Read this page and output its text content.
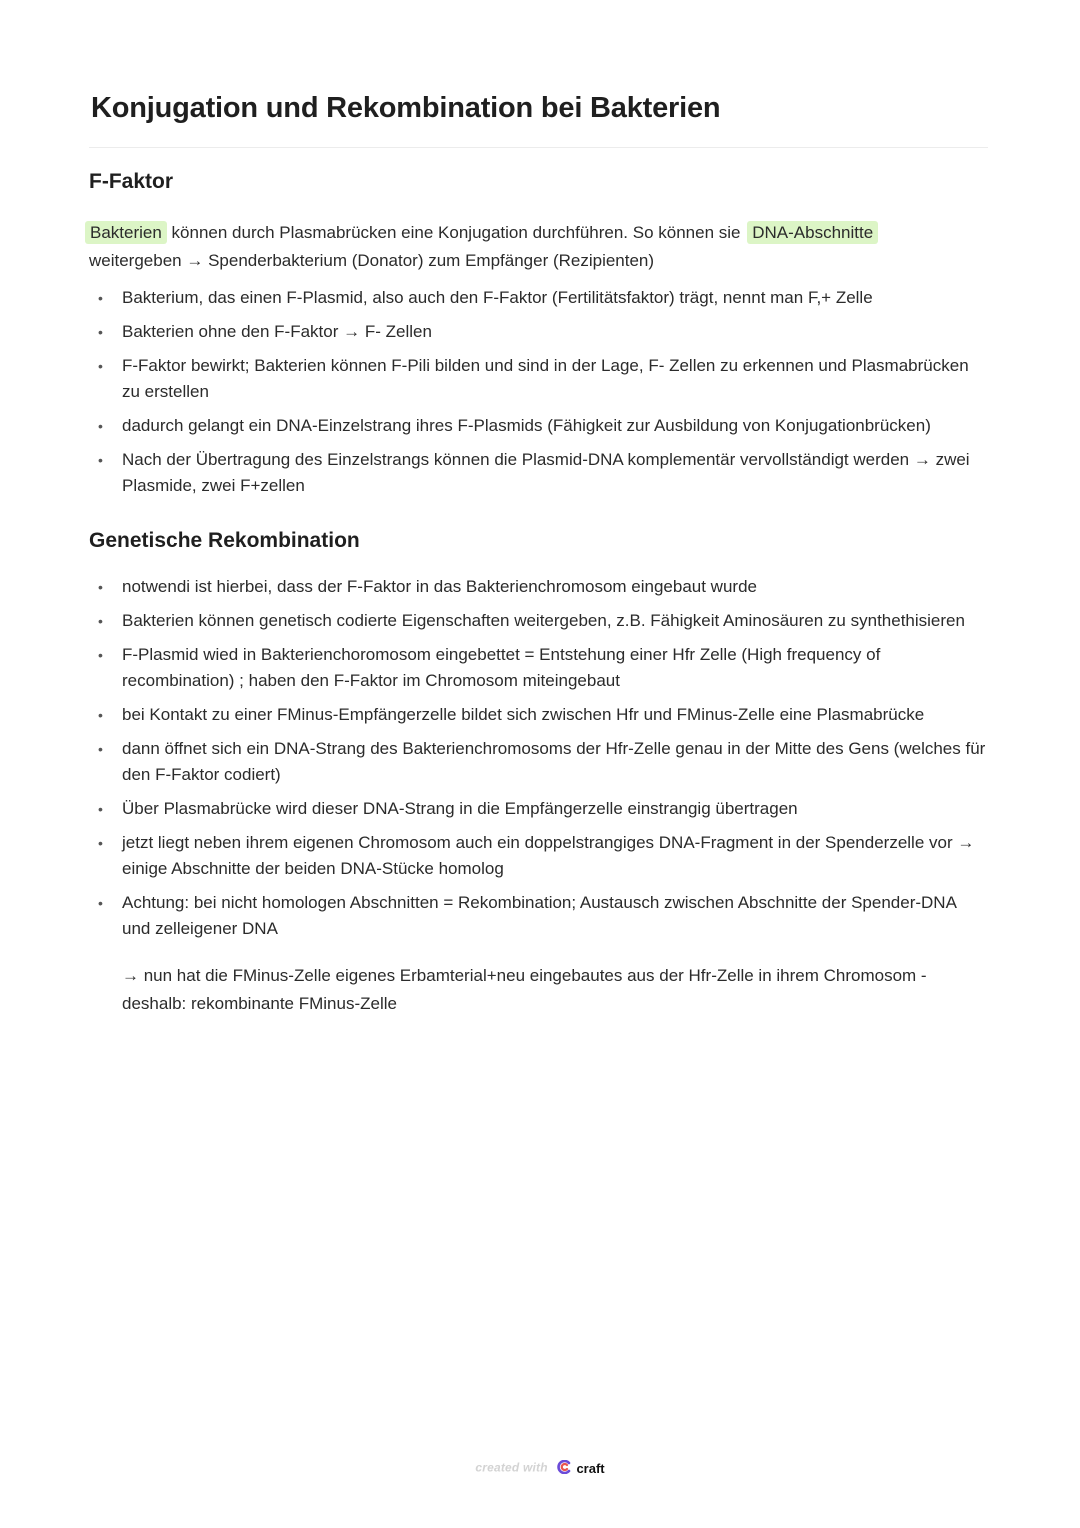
Konjugation und Rekombination bei Bakterien
F-Faktor

Bakterien können durch Plasmabrücken eine Konjugation durchführen. So können sie DNA-Abschnitte
weitergeben → Spenderbakterium (Donator) zum Empfänger (Rezipienten)

• Bakterium, das einen F-Plasmid, also auch den F-Faktor (Fertilitätsfaktor) trägt, nennt man F,+ Zelle
• Bakterien ohne den F-Faktor → F- Zellen
• F-Faktor bewirkt; Bakterien können F-Pili bilden und sind in der Lage, F- Zellen zu erkennen und Plasmabrücken zu erstellen
• dadurch gelangt ein DNA-Einzelstrang ihres F-Plasmids (Fähigkeit zur Ausbildung von Konjugationbrücken)
• Nach der Übertragung des Einzelstrangs können die Plasmid-DNA komplementär vervollständigt werden → zwei Plasmide, zwei F+zellen
Genetische Rekombination
• notwendi ist hierbei, dass der F-Faktor in das Bakterienchromosom eingebaut wurde
• Bakterien können genetisch codierte Eigenschaften weitergeben, z.B. Fähigkeit Aminosäuren zu synthethisieren
• F-Plasmid wied in Bakterienchoromosom eingebettet = Entstehung einer Hfr Zelle (High frequency of recombination) ; haben den F-Faktor im Chromosom miteingebaut
• bei Kontakt zu einer FMinus-Empfängerzelle bildet sich zwischen Hfr und FMinus-Zelle eine Plasmabrücke
• dann öffnet sich ein DNA-Strang des Bakterienchromosoms der Hfr-Zelle genau in der Mitte des Gens (welches für den F-Faktor codiert)
• Über Plasmabrücke wird dieser DNA-Strang in die Empfängerzelle einstrangig übertragen
• jetzt liegt neben ihrem eigenen Chromosom auch ein doppelstrangiges DNA-Fragment in der Spenderzelle vor → einige Abschnitte der beiden DNA-Stücke homolog
• Achtung: bei nicht homologen Abschnitten = Rekombination; Austausch zwischen Abschnitte der Spender-DNA und zelleigener DNA

→ nun hat die FMinus-Zelle eigenes Erbamterial+neu eingebautes aus der Hfr-Zelle in ihrem Chromosom - deshalb: rekombinante FMinus-Zelle

created with craft
